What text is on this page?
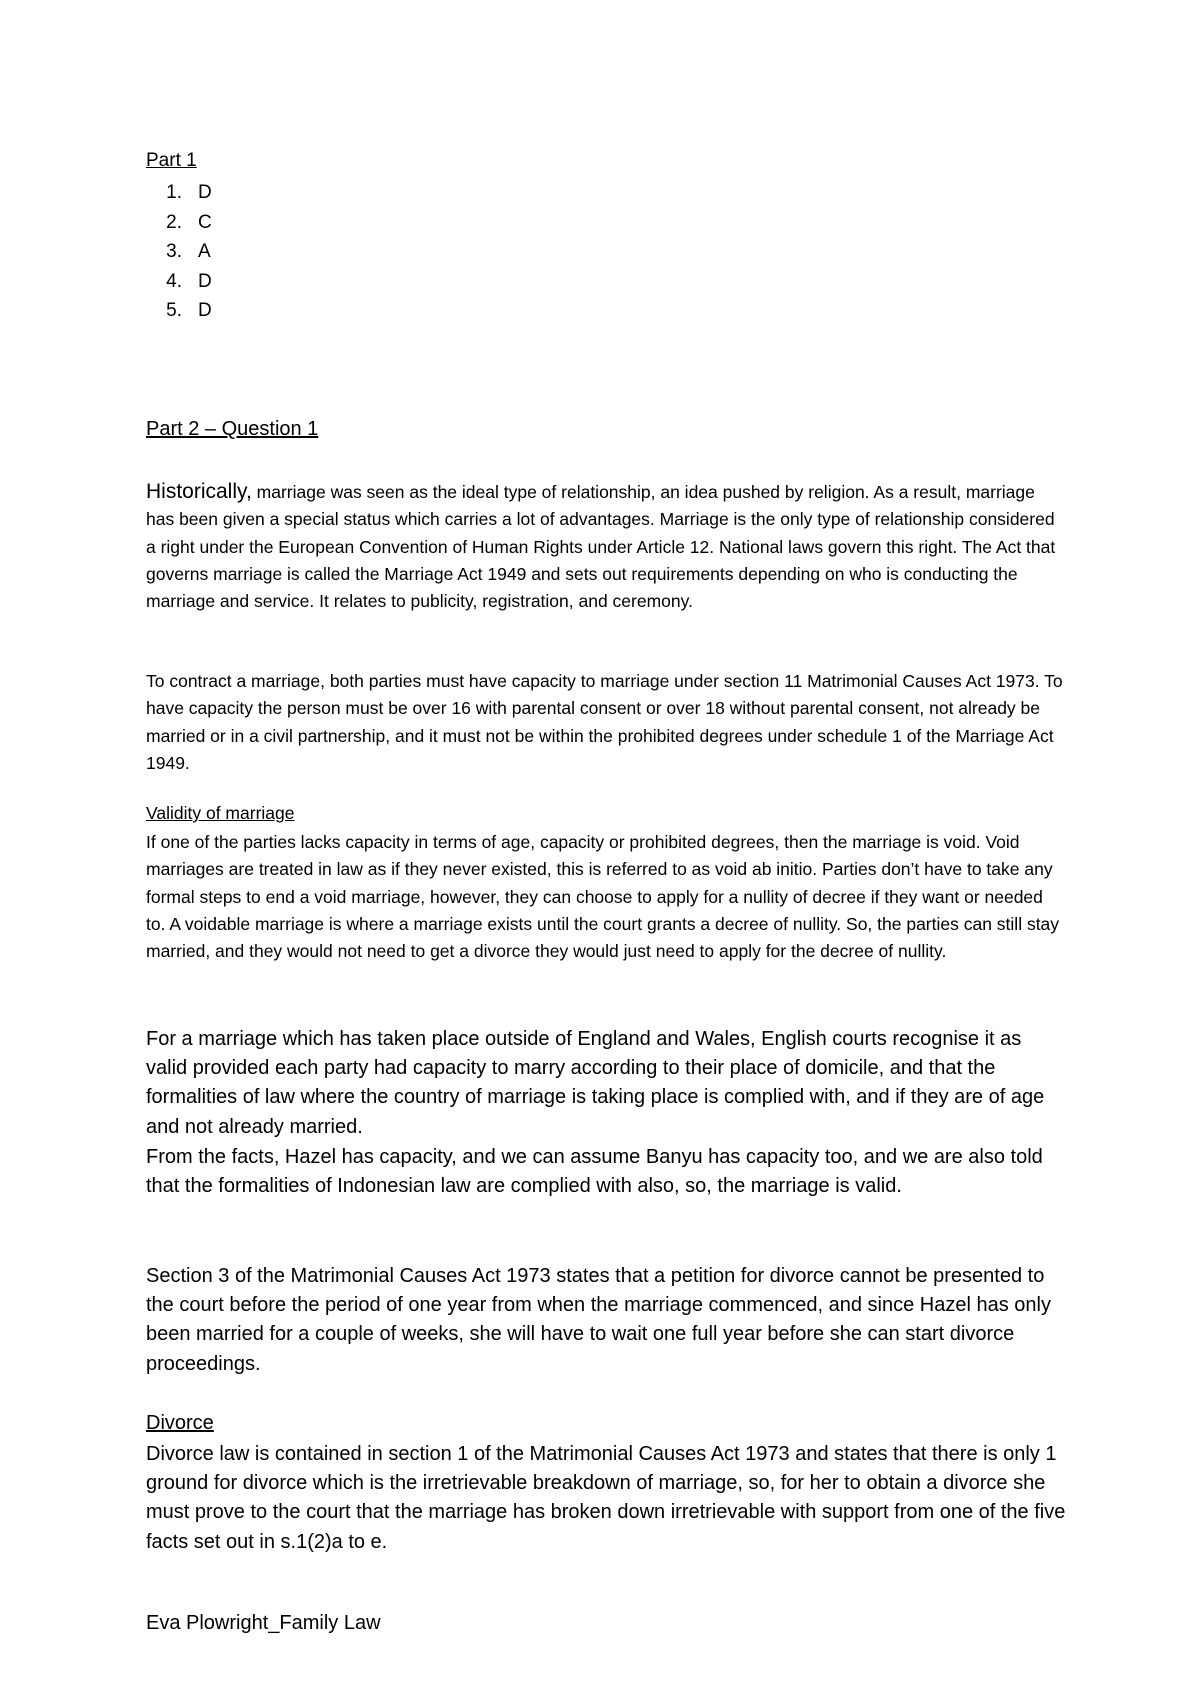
Part 1
1. D
2. C
3. A
4. D
5. D
Part 2 – Question 1

Historically, marriage was seen as the ideal type of relationship, an idea pushed by religion. As a result, marriage has been given a special status which carries a lot of advantages. Marriage is the only type of relationship considered a right under the European Convention of Human Rights under Article 12. National laws govern this right. The Act that governs marriage is called the Marriage Act 1949 and sets out requirements depending on who is conducting the marriage and service. It relates to publicity, registration, and ceremony.

To contract a marriage, both parties must have capacity to marriage under section 11 Matrimonial Causes Act 1973. To have capacity the person must be over 16 with parental consent or over 18 without parental consent, not already be married or in a civil partnership, and it must not be within the prohibited degrees under schedule 1 of the Marriage Act 1949.

Validity of marriage

If one of the parties lacks capacity in terms of age, capacity or prohibited degrees, then the marriage is void. Void marriages are treated in law as if they never existed, this is referred to as void ab initio. Parties don’t have to take any formal steps to end a void marriage, however, they can choose to apply for a nullity of decree if they want or needed to. A voidable marriage is where a marriage exists until the court grants a decree of nullity. So, the parties can still stay married, and they would not need to get a divorce they would just need to apply for the decree of nullity.

For a marriage which has taken place outside of England and Wales, English courts recognise it as valid provided each party had capacity to marry according to their place of domicile, and that the formalities of law where the country of marriage is taking place is complied with, and if they are of age and not already married.

From the facts, Hazel has capacity, and we can assume Banyu has capacity too, and we are also told that the formalities of Indonesian law are complied with also, so, the marriage is valid.

Section 3 of the Matrimonial Causes Act 1973 states that a petition for divorce cannot be presented to the court before the period of one year from when the marriage commenced, and since Hazel has only been married for a couple of weeks, she will have to wait one full year before she can start divorce proceedings.

Divorce

Divorce law is contained in section 1 of the Matrimonial Causes Act 1973 and states that there is only 1 ground for divorce which is the irretrievable breakdown of marriage, so, for her to obtain a divorce she must prove to the court that the marriage has broken down irretrievable with support from one of the five facts set out in s.1(2)a to e.

Eva Plowright_Family Law
